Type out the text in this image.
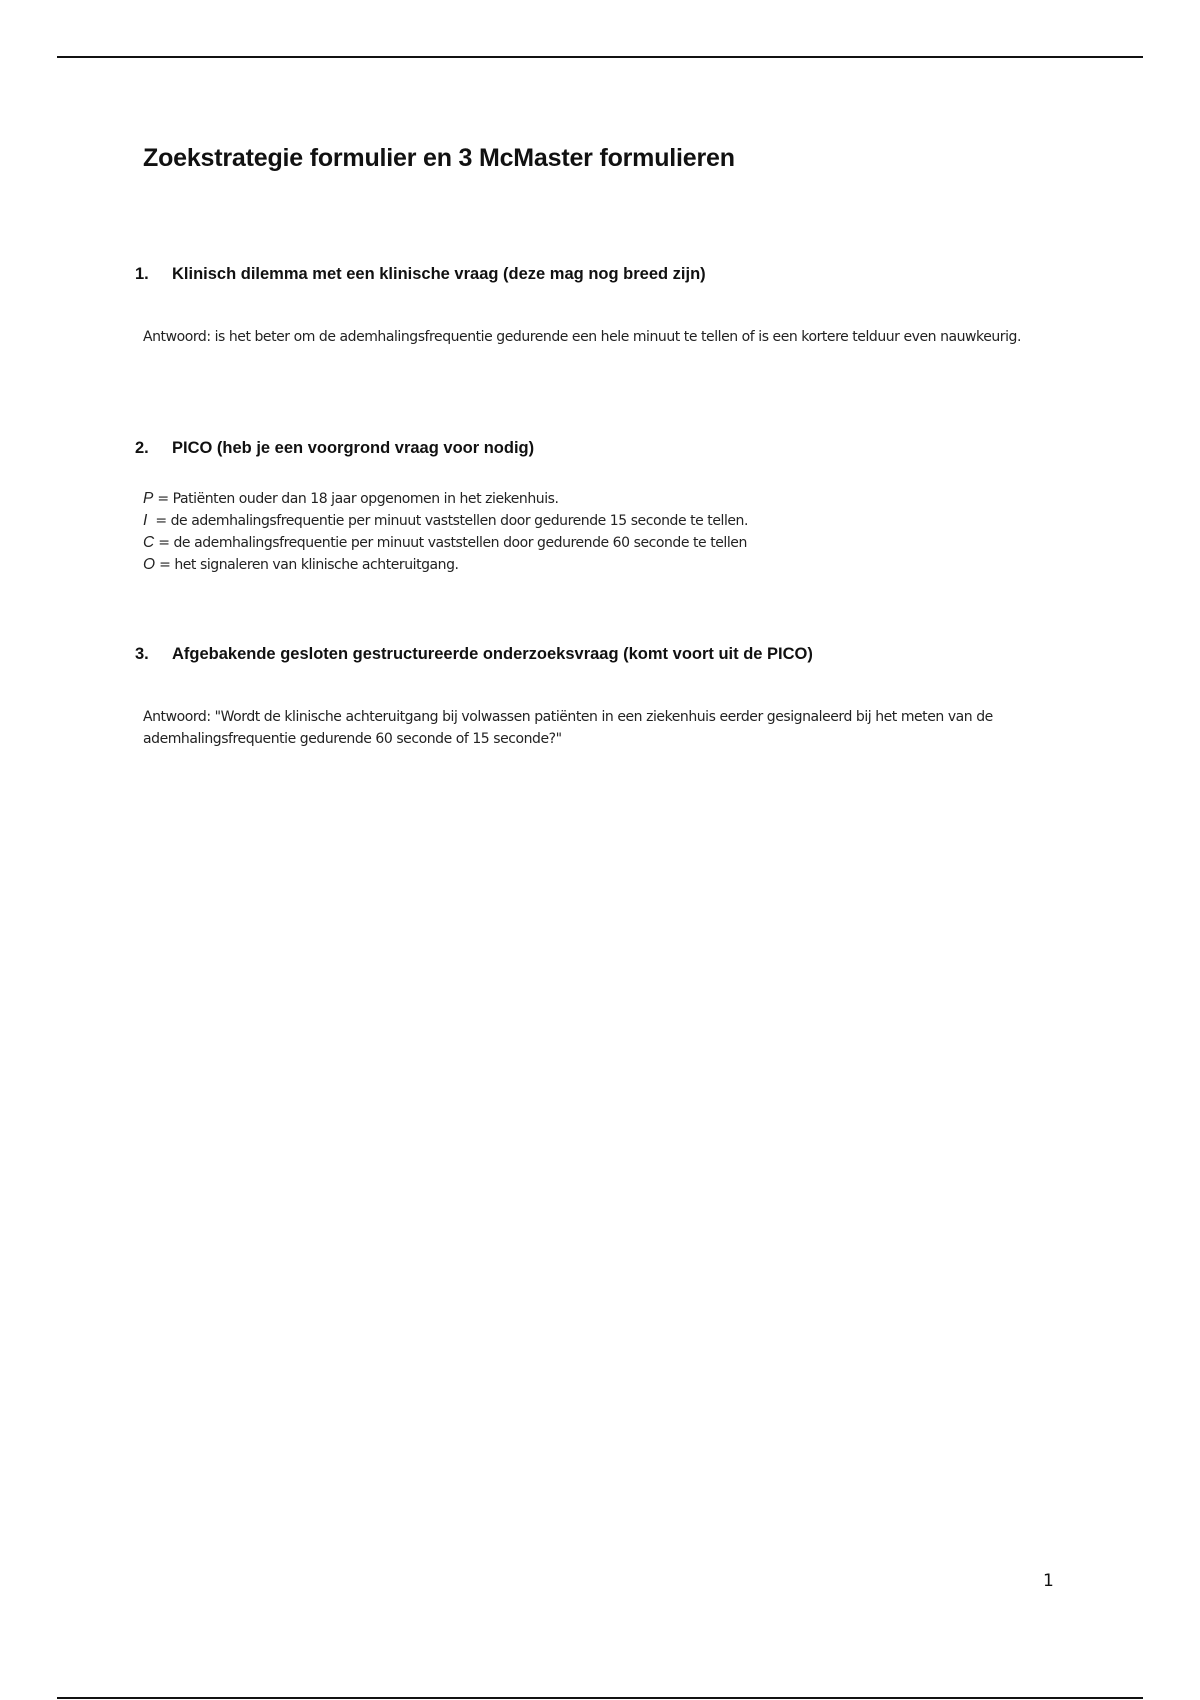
Zoekstrategie formulier en 3 McMaster formulieren
1. Klinisch dilemma met een klinische vraag (deze mag nog breed zijn)

Antwoord: is het beter om de ademhalingsfrequentie gedurende een hele minuut te tellen of is een kortere telduur even nauwkeurig.

2. PICO (heb je een voorgrond vraag voor nodig)
P = Patiënten ouder dan 18 jaar opgenomen in het ziekenhuis.
I  = de ademhalingsfrequentie per minuut vaststellen door gedurende 15 seconde te tellen.
C = de ademhalingsfrequentie per minuut vaststellen door gedurende 60 seconde te tellen
O = het signaleren van klinische achteruitgang.
3. Afgebakende gesloten gestructureerde onderzoeksvraag (komt voort uit de PICO)

Antwoord: "Wordt de klinische achteruitgang bij volwassen patiënten in een ziekenhuis eerder gesignaleerd bij het meten van de ademhalingsfrequentie gedurende 60 seconde of 15 seconde?"

1
